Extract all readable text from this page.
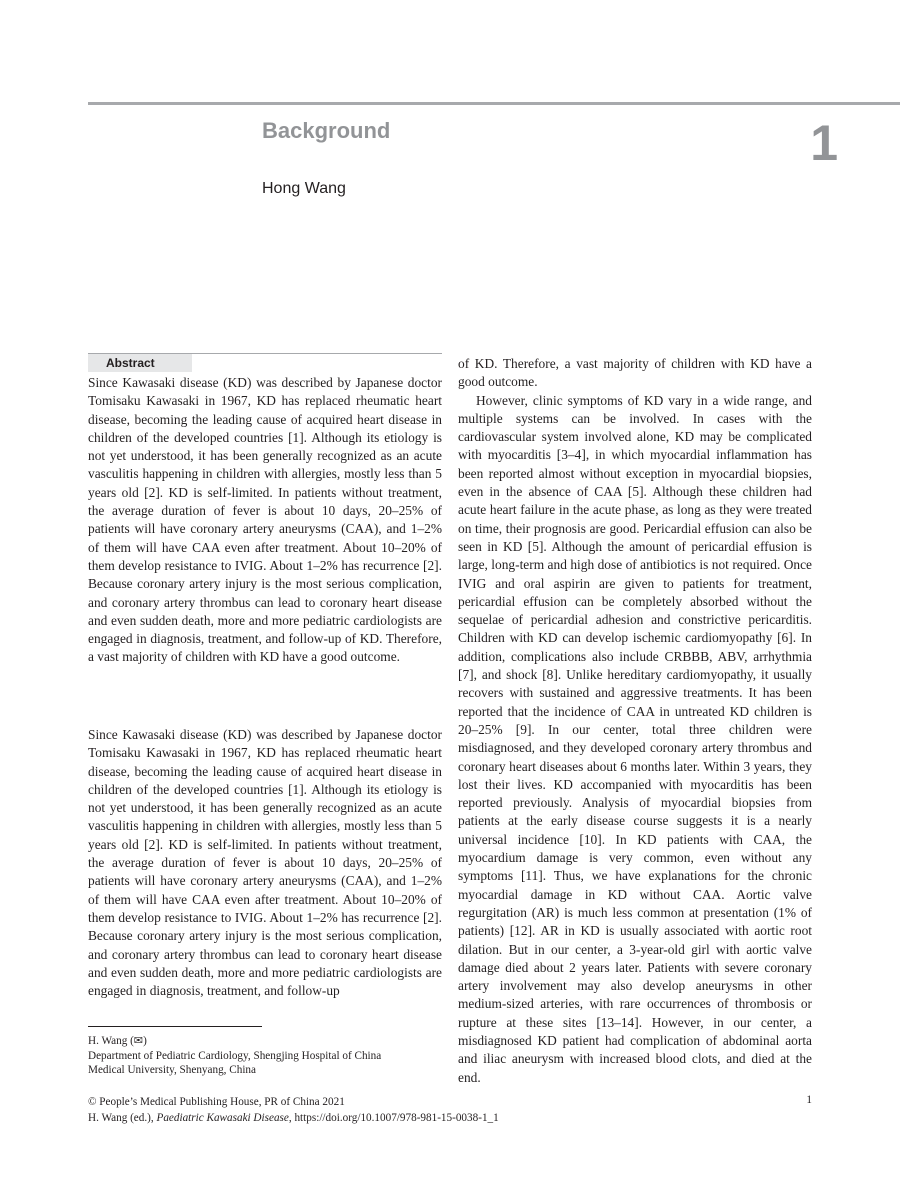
Background	1
Hong Wang
Abstract

Since Kawasaki disease (KD) was described by Japanese doctor Tomisaku Kawasaki in 1967, KD has replaced rheumatic heart disease, becoming the leading cause of acquired heart disease in children of the developed countries [1]. Although its etiology is not yet understood, it has been generally recognized as an acute vasculitis happening in children with allergies, mostly less than 5 years old [2]. KD is self-limited. In patients without treatment, the average duration of fever is about 10 days, 20–25% of patients will have coronary artery aneurysms (CAA), and 1–2% of them will have CAA even after treatment. About 10–20% of them develop resistance to IVIG. About 1–2% has recurrence [2]. Because coronary artery injury is the most serious complication, and coronary artery thrombus can lead to coronary heart disease and even sudden death, more and more pediatric cardiologists are engaged in diagnosis, treatment, and follow-up of KD. Therefore, a vast majority of children with KD have a good outcome.

Since Kawasaki disease (KD) was described by Japanese doctor Tomisaku Kawasaki in 1967, KD has replaced rheumatic heart disease, becoming the leading cause of acquired heart disease in children of the developed countries [1]. Although its etiology is not yet understood, it has been generally recognized as an acute vasculitis happening in children with allergies, mostly less than 5 years old [2]. KD is self-limited. In patients without treatment, the average duration of fever is about 10 days, 20–25% of patients will have coronary artery aneurysms (CAA), and 1–2% of them will have CAA even after treatment. About 10–20% of them develop resistance to IVIG. About 1–2% has recurrence [2]. Because coronary artery injury is the most serious complication, and coronary artery thrombus can lead to coronary heart disease and even sudden death, more and more pediatric cardiologists are engaged in diagnosis, treatment, and follow-up

of KD. Therefore, a vast majority of children with KD have a good outcome.

However, clinic symptoms of KD vary in a wide range, and multiple systems can be involved. In cases with the cardiovascular system involved alone, KD may be complicated with myocarditis [3–4], in which myocardial inflammation has been reported almost without exception in myocardial biopsies, even in the absence of CAA [5]. Although these children had acute heart failure in the acute phase, as long as they were treated on time, their prognosis are good. Pericardial effusion can also be seen in KD [5]. Although the amount of pericardial effusion is large, long-term and high dose of antibiotics is not required. Once IVIG and oral aspirin are given to patients for treatment, pericardial effusion can be completely absorbed without the sequelae of pericardial adhesion and constrictive pericarditis. Children with KD can develop ischemic cardiomyopathy [6]. In addition, complications also include CRBBB, ABV, arrhythmia [7], and shock [8]. Unlike hereditary cardiomyopathy, it usually recovers with sustained and aggressive treatments. It has been reported that the incidence of CAA in untreated KD children is 20–25% [9]. In our center, total three children were misdiagnosed, and they developed coronary artery thrombus and coronary heart diseases about 6 months later. Within 3 years, they lost their lives. KD accompanied with myocarditis has been reported previously. Analysis of myocardial biopsies from patients at the early disease course suggests it is a nearly universal incidence [10]. In KD patients with CAA, the myocardium damage is very common, even without any symptoms [11]. Thus, we have explanations for the chronic myocardial damage in KD without CAA. Aortic valve regurgitation (AR) is much less common at presentation (1% of patients) [12]. AR in KD is usually associated with aortic root dilation. But in our center, a 3-year-old girl with aortic valve damage died about 2 years later. Patients with severe coronary artery involvement may also develop aneurysms in other medium-sized arteries, with rare occurrences of thrombosis or rupture at these sites [13–14]. However, in our center, a misdiagnosed KD patient had complication of abdominal aorta and iliac aneurysm with increased blood clots, and died at the end.

H. Wang (✉)
Department of Pediatric Cardiology, Shengjing Hospital of China
Medical University, Shenyang, China
© People’s Medical Publishing House, PR of China 2021
H. Wang (ed.), Paediatric Kawasaki Disease, https://doi.org/10.1007/978-981-15-0038-1_1
1
